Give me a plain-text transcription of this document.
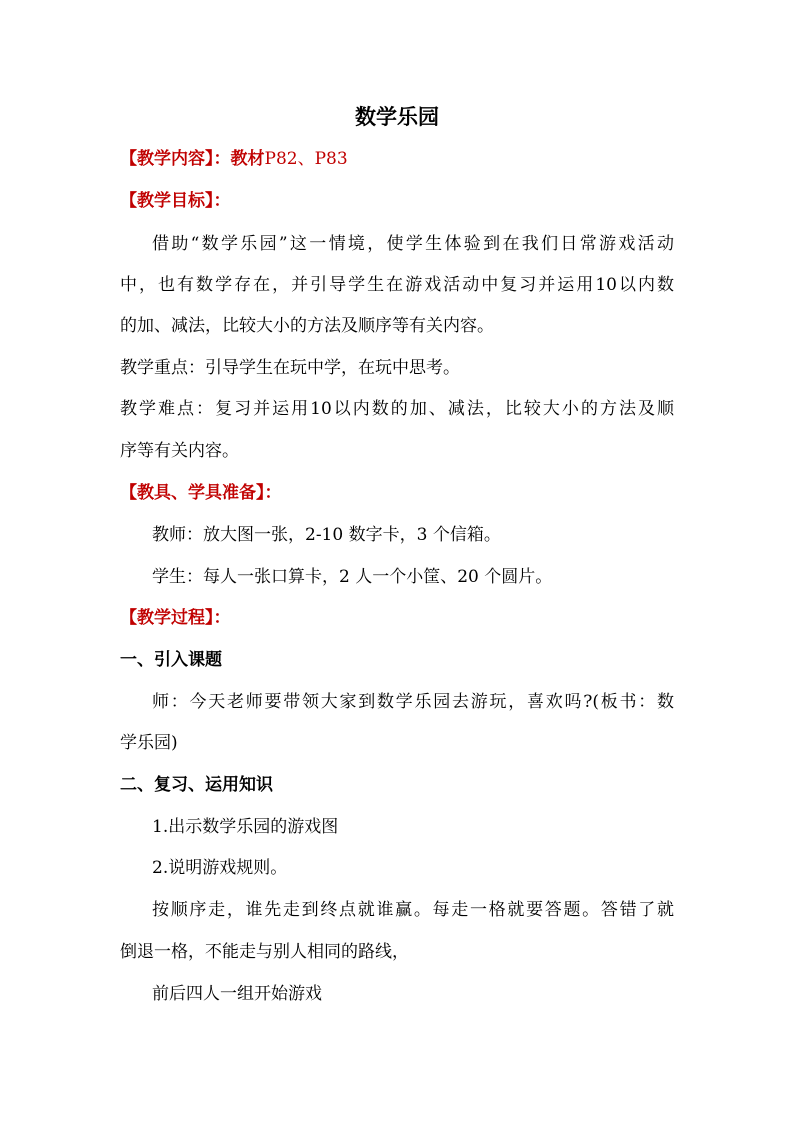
数学乐园
【教学内容】：教材P82、P83
【教学目标】：
借助“数学乐园”这一情境，使学生体验到在我们日常游戏活动
中，也有数学存在，并引导学生在游戏活动中复习并运用10以内数
的加、减法，比较大小的方法及顺序等有关内容。
教学重点：引导学生在玩中学，在玩中思考。
教学难点：复习并运用10以内数的加、减法，比较大小的方法及顺
序等有关内容。
【教具、学具准备】：
教师：放大图一张，2-10 数字卡，3 个信箱。
学生：每人一张口算卡，2 人一个小筐、20 个圆片。
【教学过程】：
一、引入课题
师：今天老师要带领大家到数学乐园去游玩，喜欢吗?(板书：数
学乐园)
二、复习、运用知识
1.出示数学乐园的游戏图
2.说明游戏规则。
按顺序走，谁先走到终点就谁赢。每走一格就要答题。答错了就
倒退一格，不能走与别人相同的路线，
前后四人一组开始游戏
